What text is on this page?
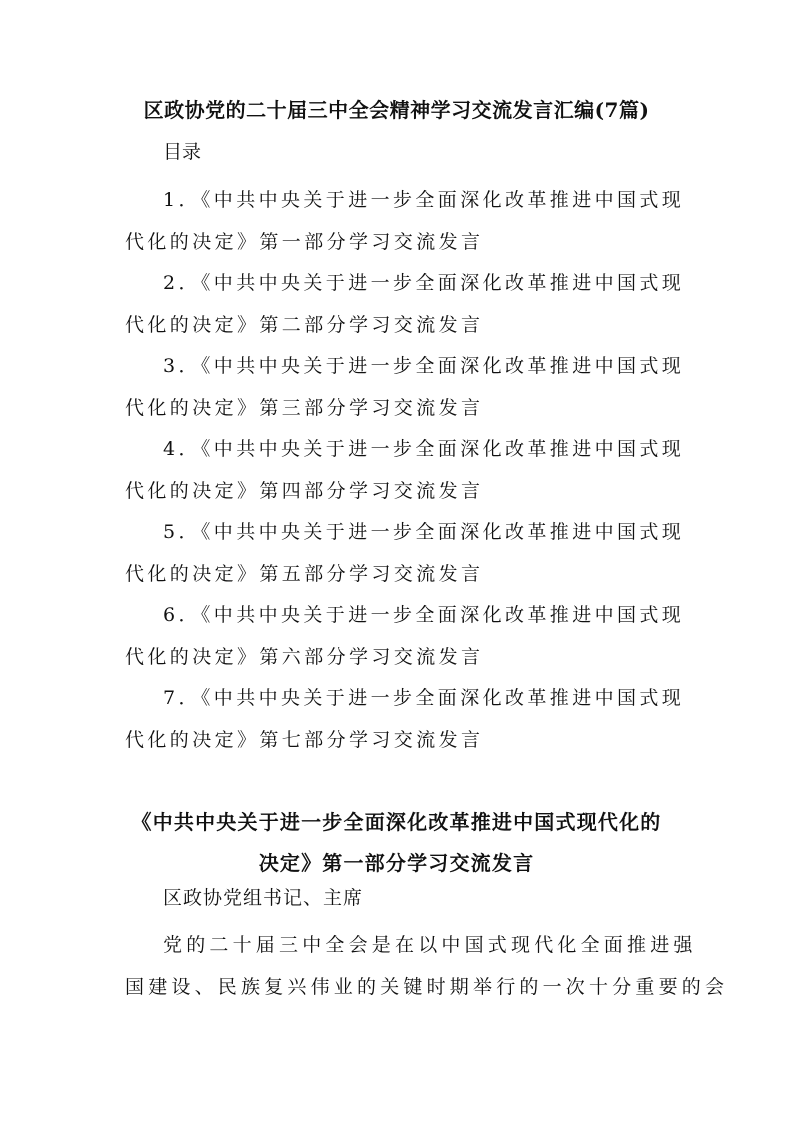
区政协党的二十届三中全会精神学习交流发言汇编(7篇)
目录
1．《中共中央关于进一步全面深化改革推进中国式现
代化的决定》第一部分学习交流发言
2．《中共中央关于进一步全面深化改革推进中国式现
代化的决定》第二部分学习交流发言
3．《中共中央关于进一步全面深化改革推进中国式现
代化的决定》第三部分学习交流发言
4．《中共中央关于进一步全面深化改革推进中国式现
代化的决定》第四部分学习交流发言
5．《中共中央关于进一步全面深化改革推进中国式现
代化的决定》第五部分学习交流发言
6．《中共中央关于进一步全面深化改革推进中国式现
代化的决定》第六部分学习交流发言
7．《中共中央关于进一步全面深化改革推进中国式现
代化的决定》第七部分学习交流发言
《中共中央关于进一步全面深化改革推进中国式现代化的
决定》第一部分学习交流发言
区政协党组书记、主席
党的二十届三中全会是在以中国式现代化全面推进强
国建设、民族复兴伟业的关键时期举行的一次十分重要的会
